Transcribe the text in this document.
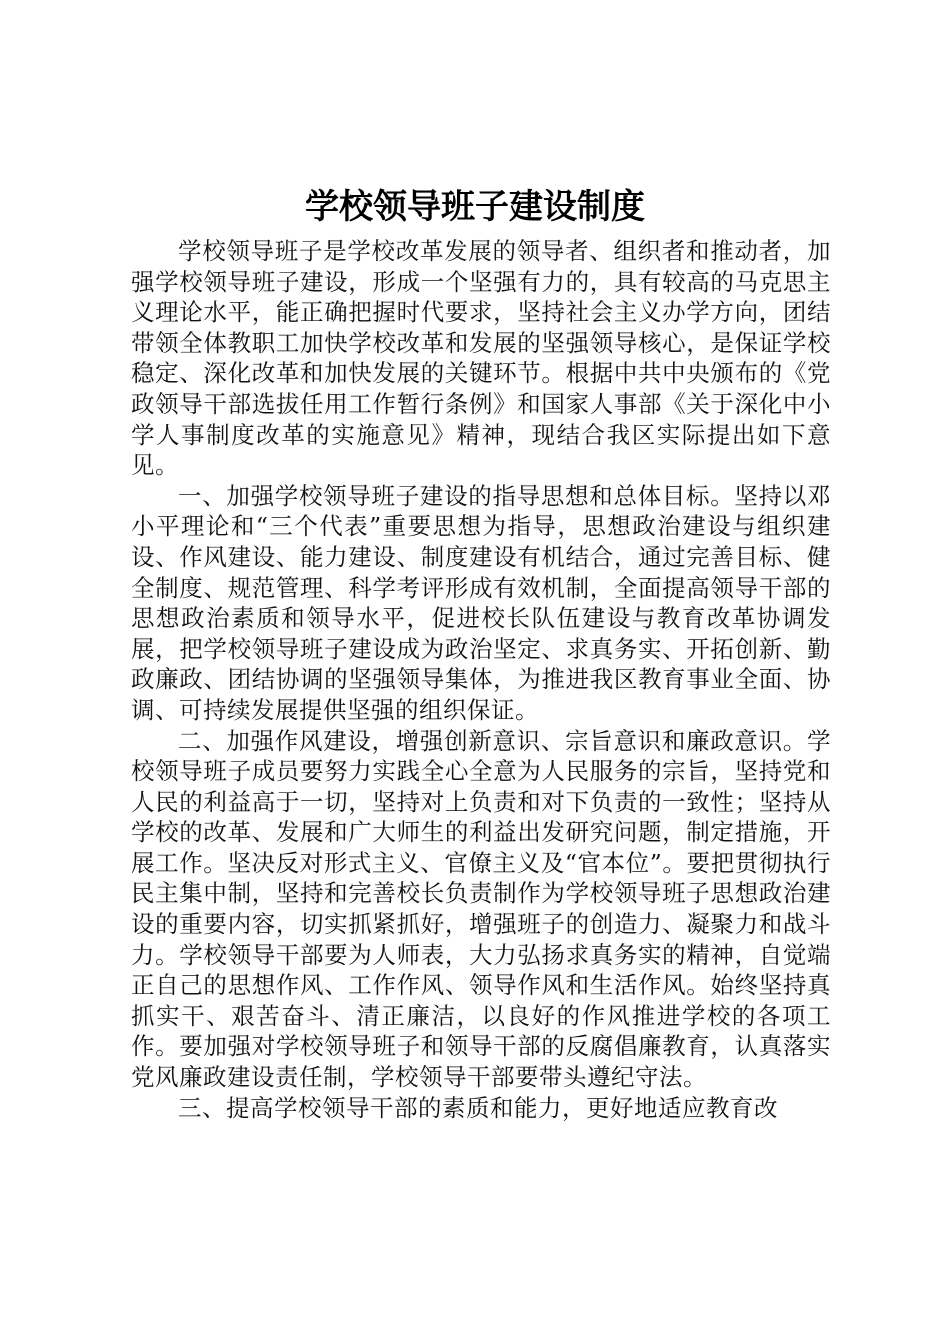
学校领导班子建设制度

学校领导班子是学校改革发展的领导者、组织者和推动者，加强学校领导班子建设，形成一个坚强有力的，具有较高的马克思主义理论水平，能正确把握时代要求，坚持社会主义办学方向，团结带领全体教职工加快学校改革和发展的坚强领导核心，是保证学校稳定、深化改革和加快发展的关键环节。根据中共中央颁布的《党政领导干部选拔任用工作暂行条例》和国家人事部《关于深化中小学人事制度改革的实施意见》精神，现结合我区实际提出如下意见。

一、加强学校领导班子建设的指导思想和总体目标。坚持以邓小平理论和“三个代表”重要思想为指导，思想政治建设与组织建设、作风建设、能力建设、制度建设有机结合，通过完善目标、健全制度、规范管理、科学考评形成有效机制，全面提高领导干部的思想政治素质和领导水平，促进校长队伍建设与教育改革协调发展，把学校领导班子建设成为政治坚定、求真务实、开拓创新、勤政廉政、团结协调的坚强领导集体，为推进我区教育事业全面、协调、可持续发展提供坚强的组织保证。

二、加强作风建设，增强创新意识、宗旨意识和廉政意识。学校领导班子成员要努力实践全心全意为人民服务的宗旨，坚持党和人民的利益高于一切，坚持对上负责和对下负责的一致性；坚持从学校的改革、发展和广大师生的利益出发研究问题，制定措施，开展工作。坚决反对形式主义、官僚主义及“官本位”。要把贯彻执行民主集中制，坚持和完善校长负责制作为学校领导班子思想政治建设的重要内容，切实抓紧抓好，增强班子的创造力、凝聚力和战斗力。学校领导干部要为人师表，大力弘扬求真务实的精神，自觉端正自己的思想作风、工作作风、领导作风和生活作风。始终坚持真抓实干、艰苦奋斗、清正廉洁，以良好的作风推进学校的各项工作。要加强对学校领导班子和领导干部的反腐倡廉教育，认真落实党风廉政建设责任制，学校领导干部要带头遵纪守法。

三、提高学校领导干部的素质和能力，更好地适应教育改
